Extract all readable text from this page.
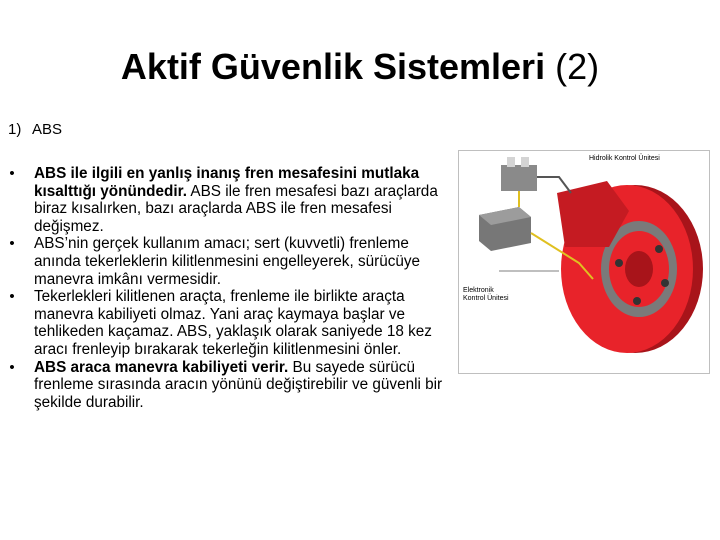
Aktif Güvenlik Sistemleri (2)
1) ABS
• ABS ile ilgili en yanlış inanış fren mesafesini mutlaka kısalttığı yönündedir. ABS ile fren mesafesi bazı araçlarda biraz kısalırken, bazı araçlarda ABS ile fren mesafesi değişmez.
• ABS’nin gerçek kullanım amacı; sert (kuvvetli) frenleme anında tekerleklerin kilitlenmesini engelleyerek, sürücüye manevra imkânı vermesidir.
• Tekerlekleri kilitlenen araçta, frenleme ile birlikte araçta manevra kabiliyeti olmaz. Yani araç kaymaya başlar ve tehlikeden kaçamaz. ABS, yaklaşık olarak saniyede 18 kez aracı frenleyip bırakarak tekerleğin kilitlenmesini önler.
• ABS araca manevra kabiliyeti verir. Bu sayede sürücü frenleme sırasında aracın yönünü değiştirebilir ve güvenli bir şekilde durabilir.
Hidrolik Kontrol Ünitesi
Elektronik
Kontrol Ünitesi
